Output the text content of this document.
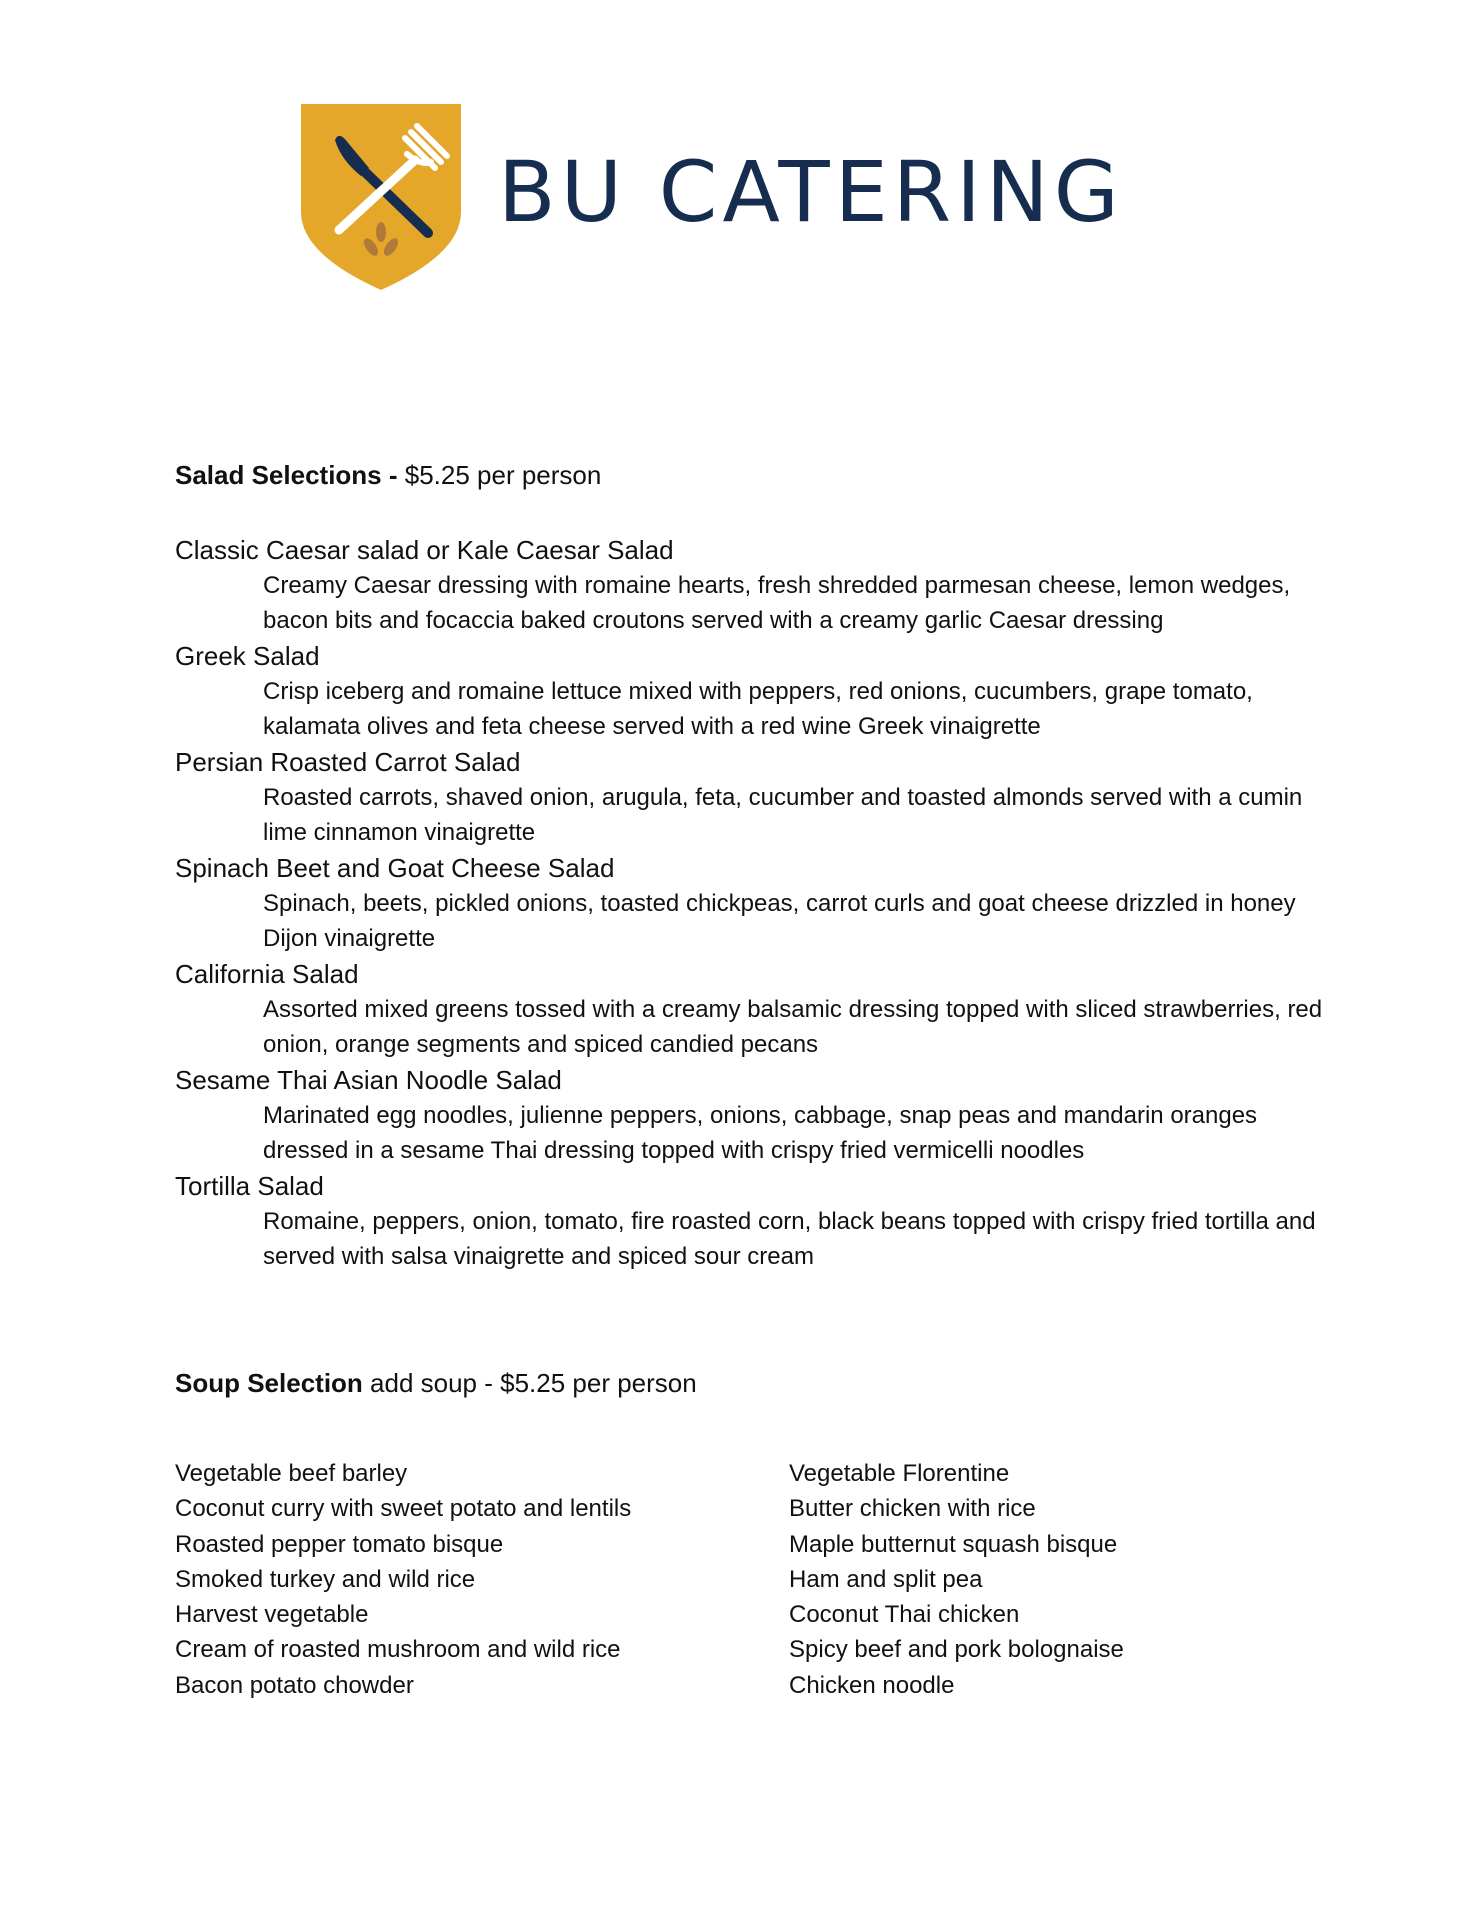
BU CATERING
Salad Selections - $5.25 per person
Classic Caesar salad or Kale Caesar Salad
Creamy Caesar dressing with romaine hearts, fresh shredded parmesan cheese, lemon wedges, bacon bits and focaccia baked croutons served with a creamy garlic Caesar dressing
Greek Salad
Crisp iceberg and romaine lettuce mixed with peppers, red onions, cucumbers, grape tomato, kalamata olives and feta cheese served with a red wine Greek vinaigrette
Persian Roasted Carrot Salad
Roasted carrots, shaved onion, arugula, feta, cucumber and toasted almonds served with a cumin lime cinnamon vinaigrette
Spinach Beet and Goat Cheese Salad
Spinach, beets, pickled onions, toasted chickpeas, carrot curls and goat cheese drizzled in honey Dijon vinaigrette
California Salad
Assorted mixed greens tossed with a creamy balsamic dressing topped with sliced strawberries, red onion, orange segments and spiced candied pecans
Sesame Thai Asian Noodle Salad
Marinated egg noodles, julienne peppers, onions, cabbage, snap peas and mandarin oranges dressed in a sesame Thai dressing topped with crispy fried vermicelli noodles
Tortilla Salad
Romaine, peppers, onion, tomato, fire roasted corn, black beans topped with crispy fried tortilla and served with salsa vinaigrette and spiced sour cream
Soup Selection add soup - $5.25 per person
Vegetable beef barley
Coconut curry with sweet potato and lentils
Roasted pepper tomato bisque
Smoked turkey and wild rice
Harvest vegetable
Cream of roasted mushroom and wild rice
Bacon potato chowder
Vegetable Florentine
Butter chicken with rice
Maple butternut squash bisque
Ham and split pea
Coconut Thai chicken
Spicy beef and pork bolognaise
Chicken noodle
